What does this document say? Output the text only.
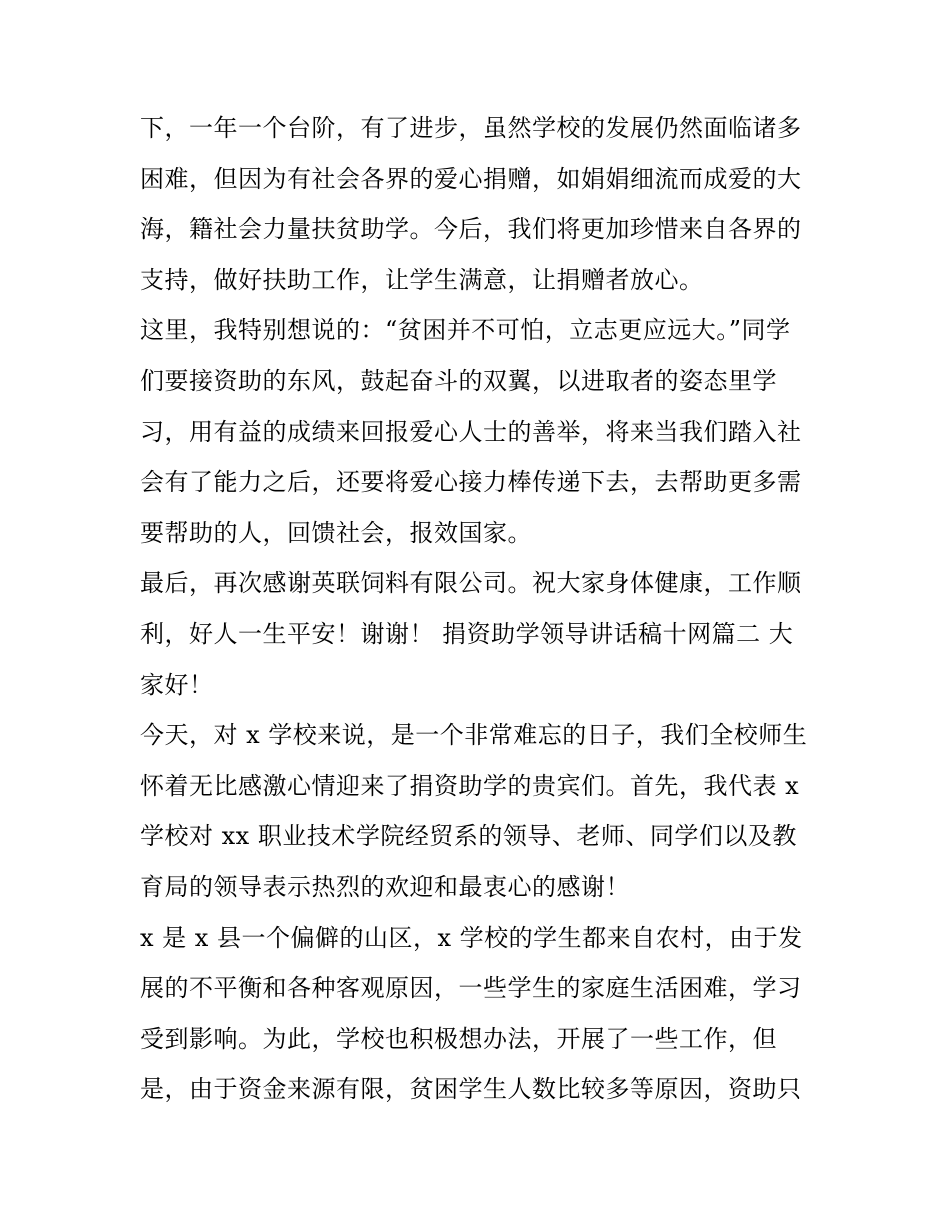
下，一年一个台阶，有了进步，虽然学校的发展仍然面临诸多
困难，但因为有社会各界的爱心捐赠，如娟娟细流而成爱的大
海，籍社会力量扶贫助学。今后，我们将更加珍惜来自各界的
支持，做好扶助工作，让学生满意，让捐赠者放心。
这里，我特别想说的：“贫困并不可怕，立志更应远大。”同学
们要接资助的东风，鼓起奋斗的双翼，以进取者的姿态里学
习，用有益的成绩来回报爱心人士的善举，将来当我们踏入社
会有了能力之后，还要将爱心接力棒传递下去，去帮助更多需
要帮助的人，回馈社会，报效国家。
最后，再次感谢英联饲料有限公司。祝大家身体健康，工作顺
利，好人一生平安！谢谢！ 捐资助学领导讲话稿十网篇二 大
家好！
今天，对 x 学校来说，是一个非常难忘的日子，我们全校师生
怀着无比感激心情迎来了捐资助学的贵宾们。首先，我代表 x
学校对 xx 职业技术学院经贸系的领导、老师、同学们以及教
育局的领导表示热烈的欢迎和最衷心的感谢！
x 是 x 县一个偏僻的山区，x 学校的学生都来自农村，由于发
展的不平衡和各种客观原因，一些学生的家庭生活困难，学习
受到影响。为此，学校也积极想办法，开展了一些工作，但
是，由于资金来源有限，贫困学生人数比较多等原因，资助只
